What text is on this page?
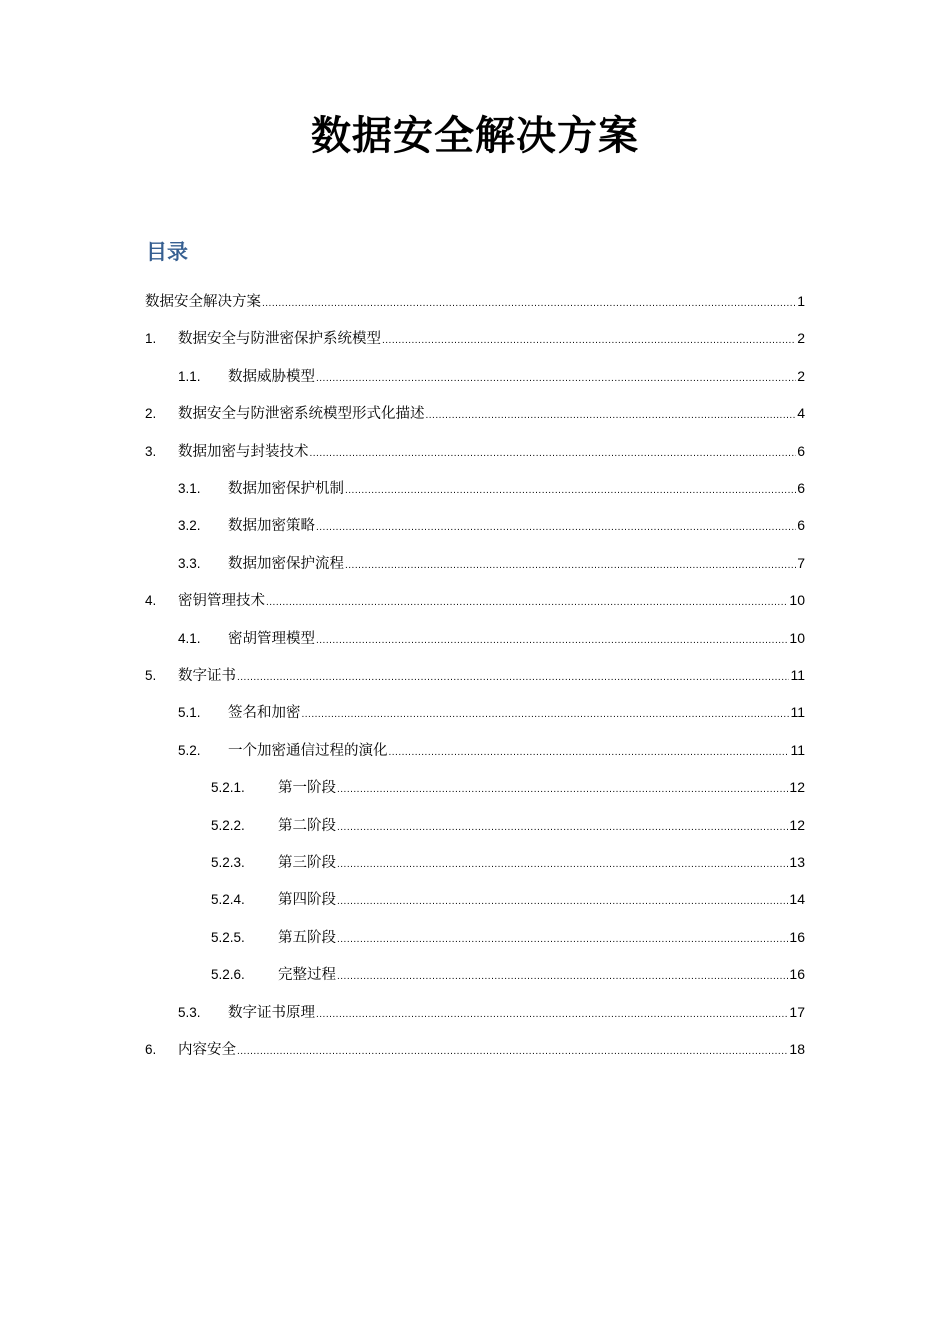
数据安全解决方案
目录
数据安全解决方案 .....	1
1.	数据安全与防泄密保护系统模型 .....	2
1.1.	数据威胁模型 .....	2
2.	数据安全与防泄密系统模型形式化描述 .....	4
3.	数据加密与封装技术 .....	6
3.1.	数据加密保护机制 .....	6
3.2.	数据加密策略 .....	6
3.3.	数据加密保护流程 .....	7
4.	密钥管理技术 .....	10
4.1.	密胡管理模型 .....	10
5.	数字证书 .....	11
5.1.	签名和加密 .....	11
5.2.	一个加密通信过程的演化 .....	11
5.2.1.	第一阶段 .....	12
5.2.2.	第二阶段 .....	12
5.2.3.	第三阶段 .....	13
5.2.4.	第四阶段 .....	14
5.2.5.	第五阶段 .....	16
5.2.6.	完整过程 .....	16
5.3.	数字证书原理 .....	17
6.	内容安全 .....	18
